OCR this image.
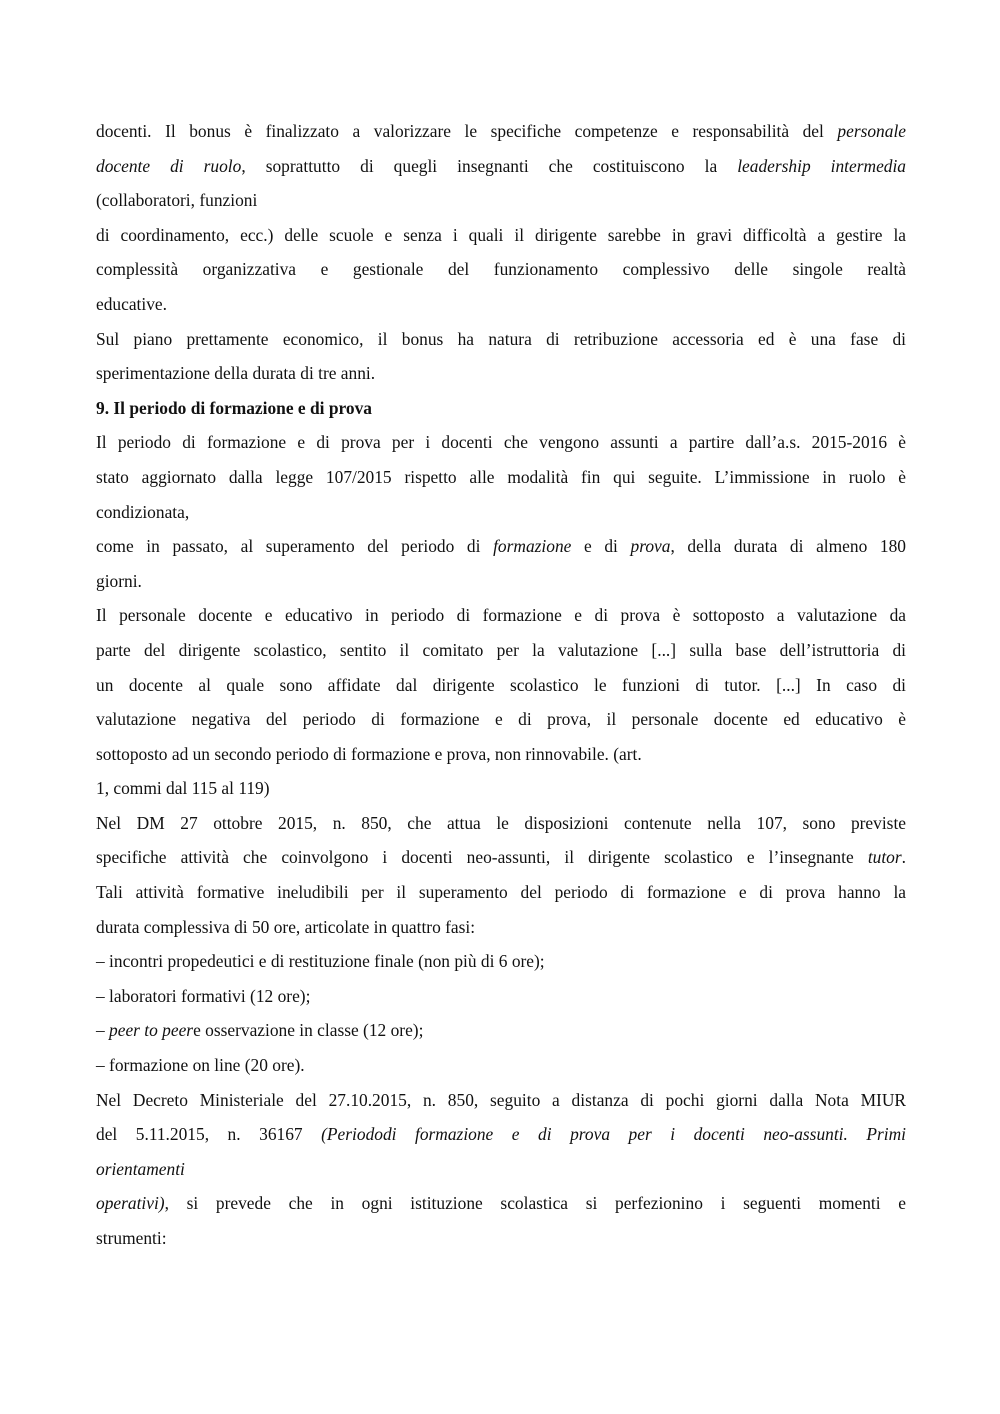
docenti. Il bonus è finalizzato a valorizzare le specifiche competenze e responsabilità del personale
docente di ruolo, soprattutto di quegli insegnanti che costituiscono la leadership intermedia
(collaboratori, funzioni
di coordinamento, ecc.) delle scuole e senza i quali il dirigente sarebbe in gravi difficoltà a gestire la
complessità organizzativa e gestionale del funzionamento complessivo delle singole realtà
educative.
Sul piano prettamente economico, il bonus ha natura di retribuzione accessoria ed è una fase di
sperimentazione della durata di tre anni.
9. Il periodo di formazione e di prova
Il periodo di formazione e di prova per i docenti che vengono assunti a partire dall’a.s. 2015-2016 è
stato aggiornato dalla legge 107/2015 rispetto alle modalità fin qui seguite. L’immissione in ruolo è
condizionata,
come in passato, al superamento del periodo di formazione e di prova, della durata di almeno 180
giorni.
Il personale docente e educativo in periodo di formazione e di prova è sottoposto a valutazione da
parte del dirigente scolastico, sentito il comitato per la valutazione [...] sulla base dell’istruttoria di
un docente al quale sono affidate dal dirigente scolastico le funzioni di tutor. [...] In caso di
valutazione negativa del periodo di formazione e di prova, il personale docente ed educativo è
sottoposto ad un secondo periodo di formazione e prova, non rinnovabile. (art.
1, commi dal 115 al 119)
Nel DM 27 ottobre 2015, n. 850, che attua le disposizioni contenute nella 107, sono previste
specifiche attività che coinvolgono i docenti neo-assunti, il dirigente scolastico e l’insegnante tutor.
Tali attività formative ineludibili per il superamento del periodo di formazione e di prova hanno la
durata complessiva di 50 ore, articolate in quattro fasi:
– incontri propedeutici e di restituzione finale (non più di 6 ore);
– laboratori formativi (12 ore);
– peer to peere osservazione in classe (12 ore);
– formazione on line (20 ore).
Nel Decreto Ministeriale del 27.10.2015, n. 850, seguito a distanza di pochi giorni dalla Nota MIUR
del 5.11.2015, n. 36167 (Periododi formazione e di prova per i docenti neo-assunti. Primi
orientamenti
operativi), si prevede che in ogni istituzione scolastica si perfezionino i seguenti momenti e
strumenti:
